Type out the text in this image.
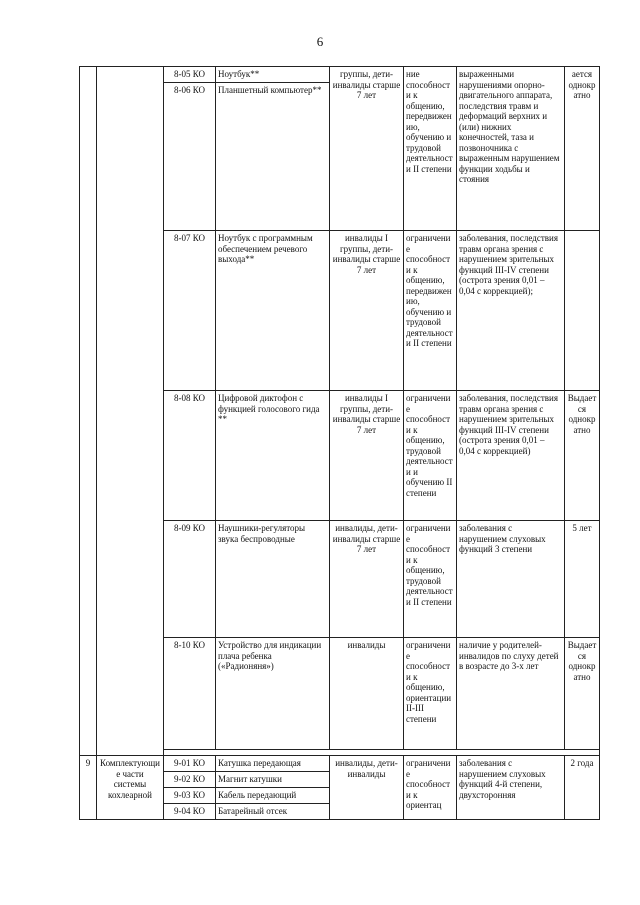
6
		8-05 КО	Ноутбук**	группы, дети-инвалиды старше 7 лет	ние способности к общению, передвижению, обучению и трудовой деятельности II степени	выраженными нарушениями опорно-двигательного аппарата, последствия травм и деформаций верхних и (или) нижних конечностей, таза и позвоночника с выраженным нарушением функции ходьбы и стояния	ается однократно
		8-06 КО	Планшетный компьютер**				
		8-07 КО	Ноутбук с программным обеспечением речевого выхода**	инвалиды I группы, дети-инвалиды старше 7 лет	ограничение способности к общению, передвижению, обучению и трудовой деятельности II степени	заболевания, последствия травм органа зрения с нарушением зрительных функций III-IV степени (острота зрения 0,01 – 0,04 с коррекцией);	
		8-08 КО	Цифровой диктофон с функцией голосового гида **	инвалиды I группы, дети-инвалиды старше 7 лет	ограничение способности к общению, трудовой деятельности и обучению II степени	заболевания, последствия травм органа зрения с нарушением зрительных функций III-IV степени (острота зрения 0,01 – 0,04 с коррекцией)	Выдается однократно
		8-09 КО	Наушники-регуляторы звука беспроводные	инвалиды, дети-инвалиды старше 7 лет	ограничение способности к общению, трудовой деятельности II степени	заболевания с нарушением слуховых функций 3 степени	5 лет
		8-10 КО	Устройство для индикации плача ребенка («Радионяня»)	инвалиды	ограничение способности к общению, ориентации II-III степени	наличие у родителей-инвалидов по слуху детей в возрасте до 3-х лет	Выдается однократно

9	Комплектующие части системы кохлеарной	9-01 КО	Катушка передающая	инвалиды, дети-инвалиды	ограничение способности к ориентац	заболевания с нарушением слуховых функций 4-й степени, двухсторонняя	2 года
		9-02 КО	Магнит катушки				
		9-03 КО	Кабель передающий				
		9-04 КО	Батарейный отсек				
